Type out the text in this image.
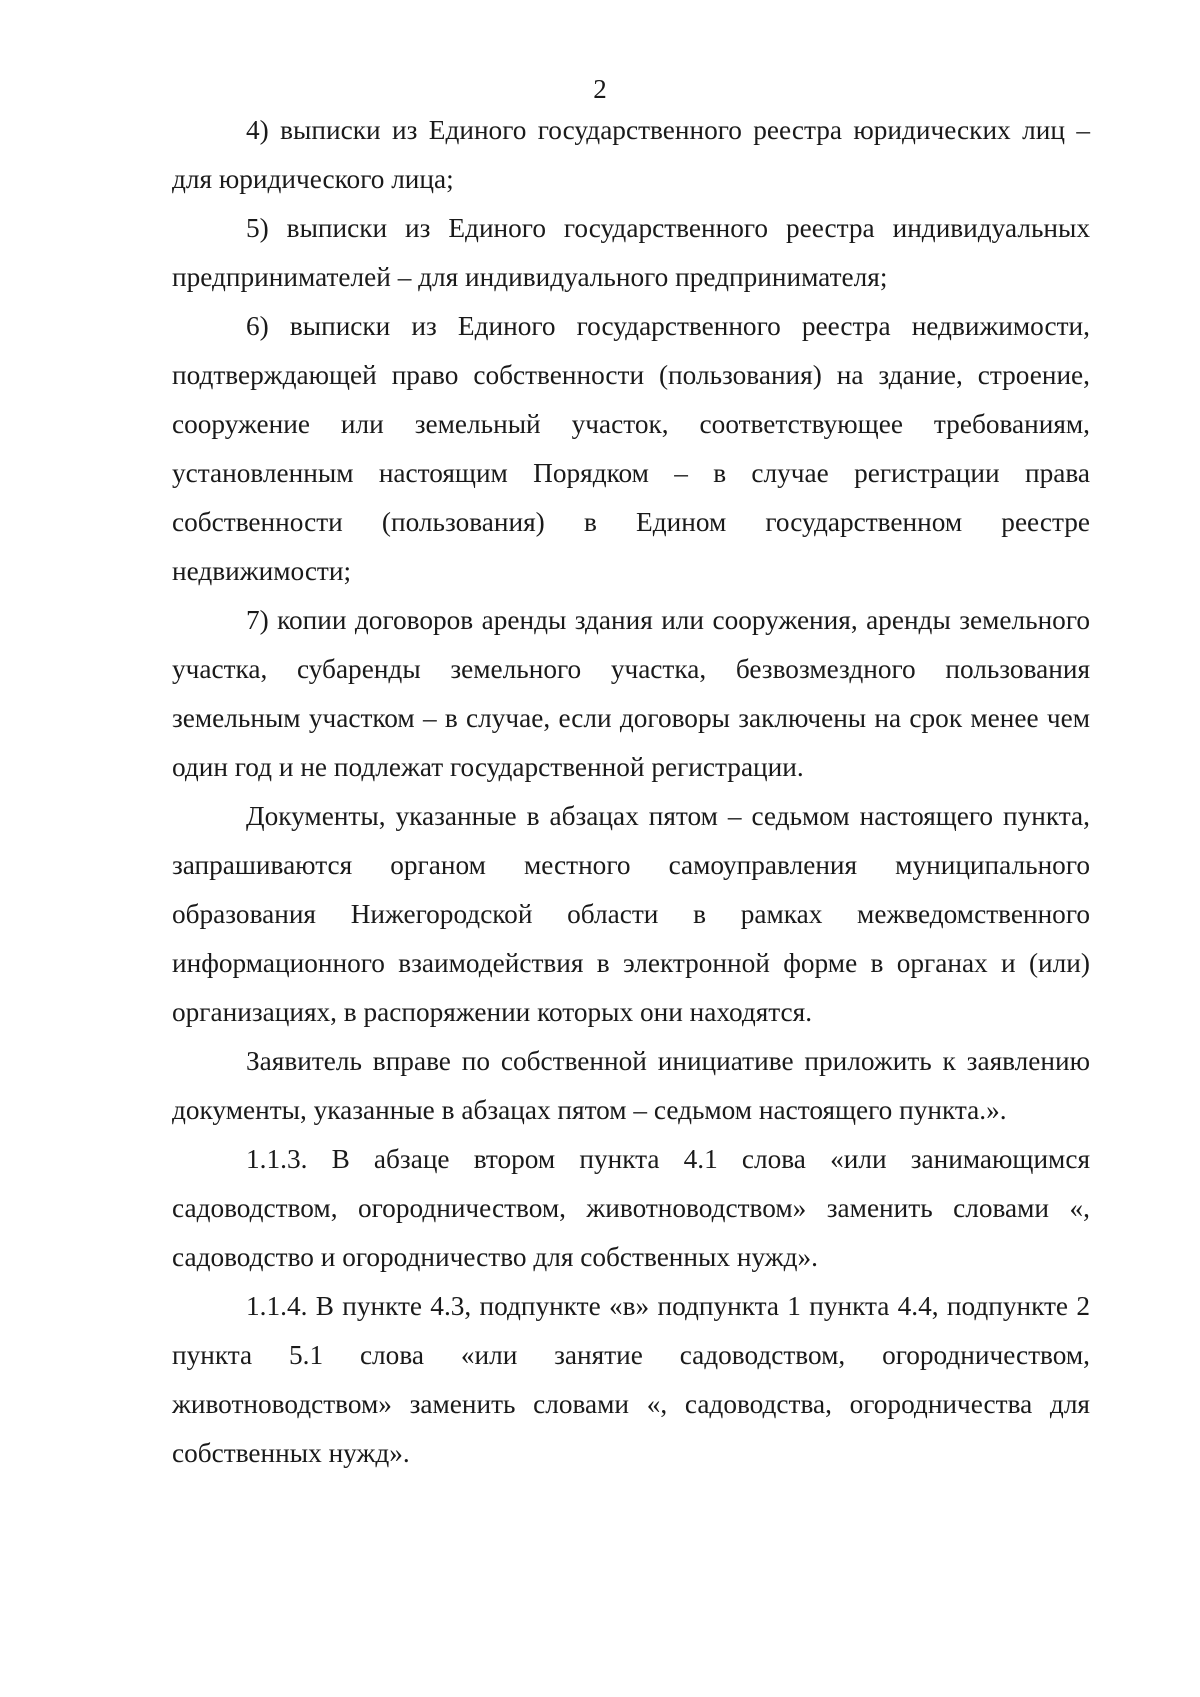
2

4) выписки из Единого государственного реестра юридических лиц – для юридического лица;

5) выписки из Единого государственного реестра индивидуальных предпринимателей – для индивидуального предпринимателя;

6) выписки из Единого государственного реестра недвижимости, подтверждающей право собственности (пользования) на здание, строение, сооружение или земельный участок, соответствующее требованиям, установленным настоящим Порядком – в случае регистрации права собственности (пользования) в Едином государственном реестре недвижимости;

7) копии договоров аренды здания или сооружения, аренды земельного участка, субаренды земельного участка, безвозмездного пользования земельным участком – в случае, если договоры заключены на срок менее чем один год и не подлежат государственной регистрации.

Документы, указанные в абзацах пятом – седьмом настоящего пункта, запрашиваются органом местного самоуправления муниципального образования Нижегородской области в рамках межведомственного информационного взаимодействия в электронной форме в органах и (или) организациях, в распоряжении которых они находятся.

Заявитель вправе по собственной инициативе приложить к заявлению документы, указанные в абзацах пятом – седьмом настоящего пункта.».

1.1.3. В абзаце втором пункта 4.1 слова «или занимающимся садоводством, огородничеством, животноводством» заменить словами «, садоводство и огородничество для собственных нужд».

1.1.4. В пункте 4.3, подпункте «в» подпункта 1 пункта 4.4, подпункте 2 пункта 5.1 слова «или занятие садоводством, огородничеством, животноводством» заменить словами «, садоводства, огородничества для собственных нужд».
